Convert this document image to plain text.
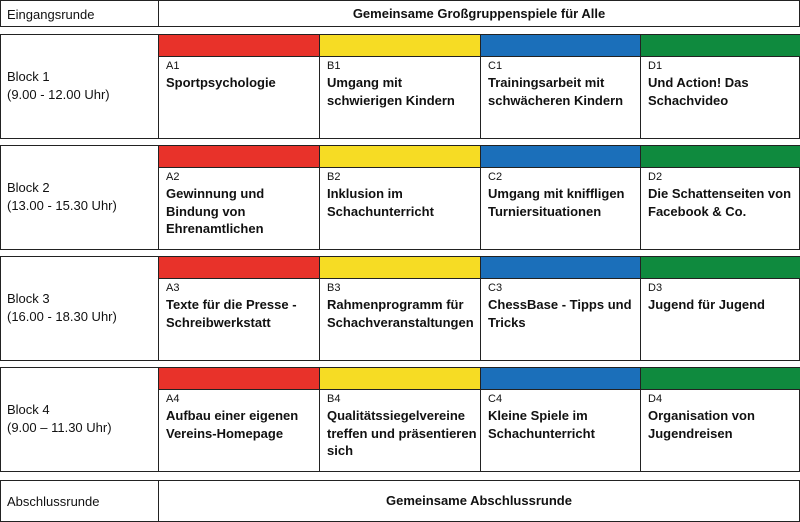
Eingangsrunde	Gemeinsame Großgruppenspiele für Alle
Block 1
(9.00 - 12.00 Uhr)
A1
Sportpsychologie
B1
Umgang mit schwierigen Kindern
C1
Trainingsarbeit mit schwächeren Kindern
D1
Und Action! Das Schachvideo
Block 2
(13.00 - 15.30 Uhr)
A2
Gewinnung und Bindung von Ehrenamtlichen
B2
Inklusion im Schachunterricht
C2
Umgang mit kniffligen Turniersituationen
D2
Die Schattenseiten von Facebook & Co.
Block 3
(16.00 - 18.30 Uhr)
A3
Texte für die Presse - Schreibwerkstatt
B3
Rahmenprogramm für Schachveranstaltungen
C3
ChessBase - Tipps und Tricks
D3
Jugend für Jugend
Block 4
(9.00 – 11.30 Uhr)
A4
Aufbau einer eigenen Vereins-Homepage
B4
Qualitätssiegelvereine treffen und präsentieren sich
C4
Kleine Spiele im Schachunterricht
D4
Organisation von Jugendreisen
Abschlussrunde	Gemeinsame Abschlussrunde
